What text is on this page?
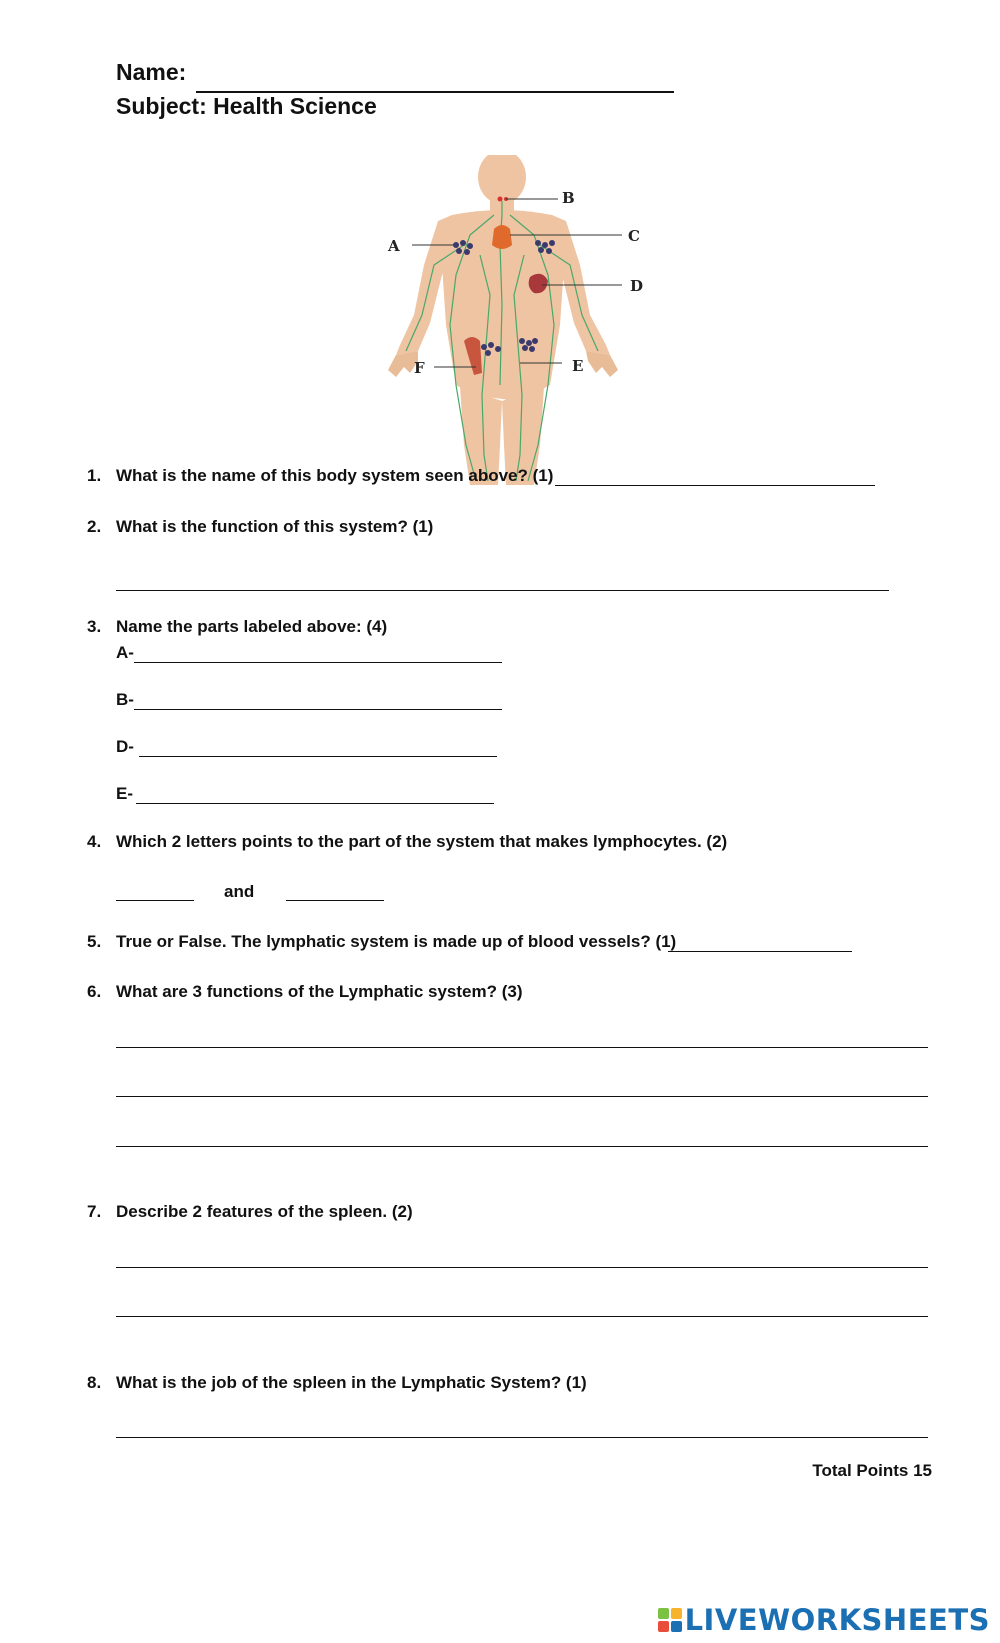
Name:
Subject: Health Science
A
B
C
D
E
F
1. What is the name of this body system seen above? (1)
2. What is the function of this system? (1)
3. Name the parts labeled above: (4)
A-
B-
D-
E-
4. Which 2 letters points to the part of the system that makes lymphocytes. (2)
and
5. True or False. The lymphatic system is made up of blood vessels? (1)
6. What are 3 functions of the Lymphatic system? (3)
7. Describe 2 features of the spleen. (2)
8. What is the job of the spleen in the Lymphatic System? (1)
Total Points 15
LIVEWORKSHEETS
